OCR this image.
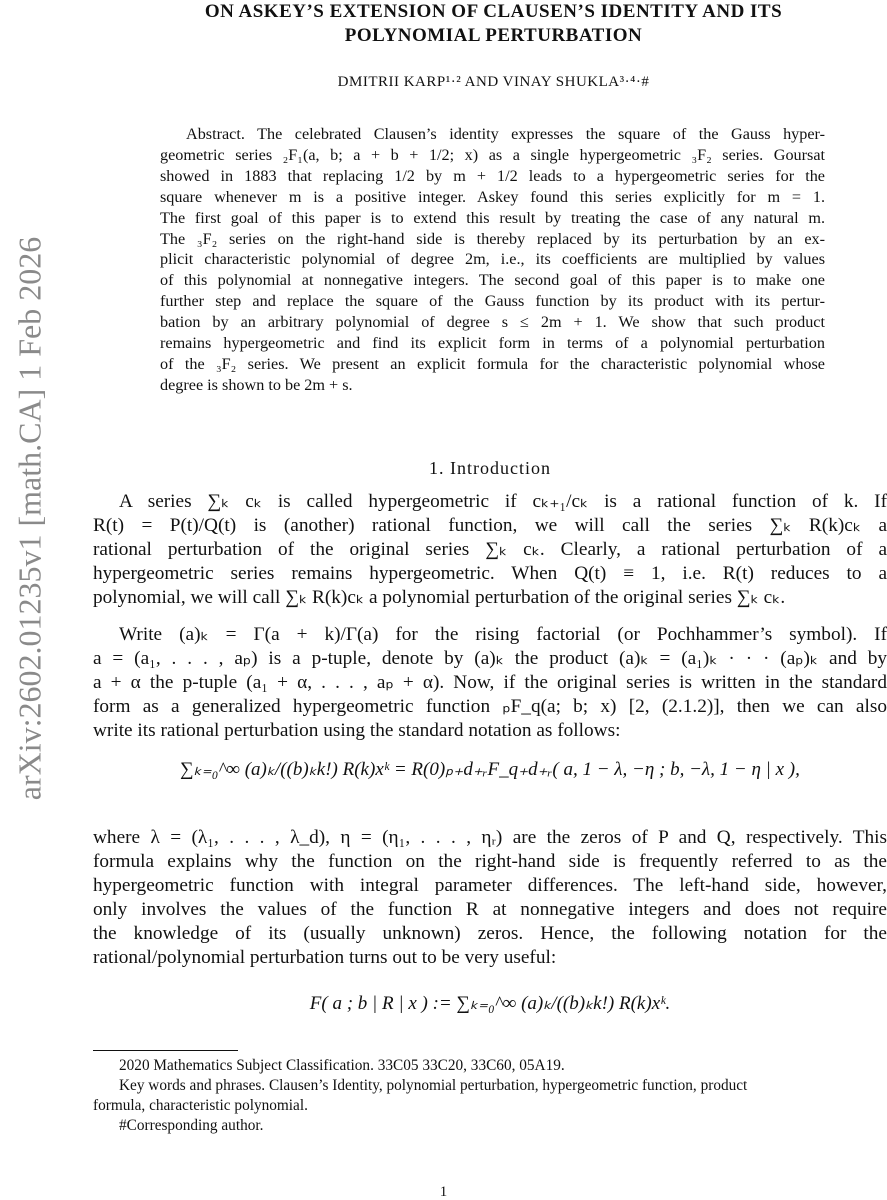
ON ASKEY’S EXTENSION OF CLAUSEN’S IDENTITY AND ITS
POLYNOMIAL PERTURBATION
DMITRII KARP¹·² AND VINAY SHUKLA³·⁴·#
arXiv:2602.01235v1 [math.CA] 1 Feb 2026
Abstract. The celebrated Clausen’s identity expresses the square of the Gauss hyper-
geometric series ₂F₁(a, b; a + b + 1/2; x) as a single hypergeometric ₃F₂ series. Goursat
showed in 1883 that replacing 1/2 by m + 1/2 leads to a hypergeometric series for the
square whenever m is a positive integer. Askey found this series explicitly for m = 1.
The first goal of this paper is to extend this result by treating the case of any natural m.
The ₃F₂ series on the right-hand side is thereby replaced by its perturbation by an ex-
plicit characteristic polynomial of degree 2m, i.e., its coefficients are multiplied by values
of this polynomial at nonnegative integers. The second goal of this paper is to make one
further step and replace the square of the Gauss function by its product with its pertur-
bation by an arbitrary polynomial of degree s ≤ 2m + 1. We show that such product
remains hypergeometric and find its explicit form in terms of a polynomial perturbation
of the ₃F₂ series. We present an explicit formula for the characteristic polynomial whose
degree is shown to be 2m + s.
1. Introduction
A series ∑ₖ cₖ is called hypergeometric if cₖ₊₁/cₖ is a rational function of k. If
R(t) = P(t)/Q(t) is (another) rational function, we will call the series ∑ₖ R(k)cₖ a
rational perturbation of the original series ∑ₖ cₖ. Clearly, a rational perturbation of a
hypergeometric series remains hypergeometric. When Q(t) ≡ 1, i.e. R(t) reduces to a
polynomial, we will call ∑ₖ R(k)cₖ a polynomial perturbation of the original series ∑ₖ cₖ.
Write (a)ₖ = Γ(a + k)/Γ(a) for the rising factorial (or Pochhammer’s symbol). If
a = (a₁, . . . , aₚ) is a p-tuple, denote by (a)ₖ the product (a)ₖ = (a₁)ₖ · · · (aₚ)ₖ and by
a + α the p-tuple (a₁ + α, . . . , aₚ + α). Now, if the original series is written in the standard
form as a generalized hypergeometric function ₚF_q(a; b; x) [2, (2.1.2)], then we can also
write its rational perturbation using the standard notation as follows:
∑ₖ₌₀^∞ (a)ₖ/((b)ₖk!) R(k)xᵏ = R(0)ₚ₊d₊ᵣF_q₊d₊ᵣ( a, 1 − λ, −η ; b, −λ, 1 − η | x ),
where λ = (λ₁, . . . , λ_d), η = (η₁, . . . , ηᵣ) are the zeros of P and Q, respectively. This
formula explains why the function on the right-hand side is frequently referred to as the
hypergeometric function with integral parameter differences. The left-hand side, however,
only involves the values of the function R at nonnegative integers and does not require
the knowledge of its (usually unknown) zeros. Hence, the following notation for the
rational/polynomial perturbation turns out to be very useful:
F( a ; b | R | x ) := ∑ₖ₌₀^∞ (a)ₖ/((b)ₖk!) R(k)xᵏ.
2020 Mathematics Subject Classification. 33C05 33C20, 33C60, 05A19.
Key words and phrases. Clausen’s Identity, polynomial perturbation, hypergeometric function, product
formula, characteristic polynomial.
#Corresponding author.
1
